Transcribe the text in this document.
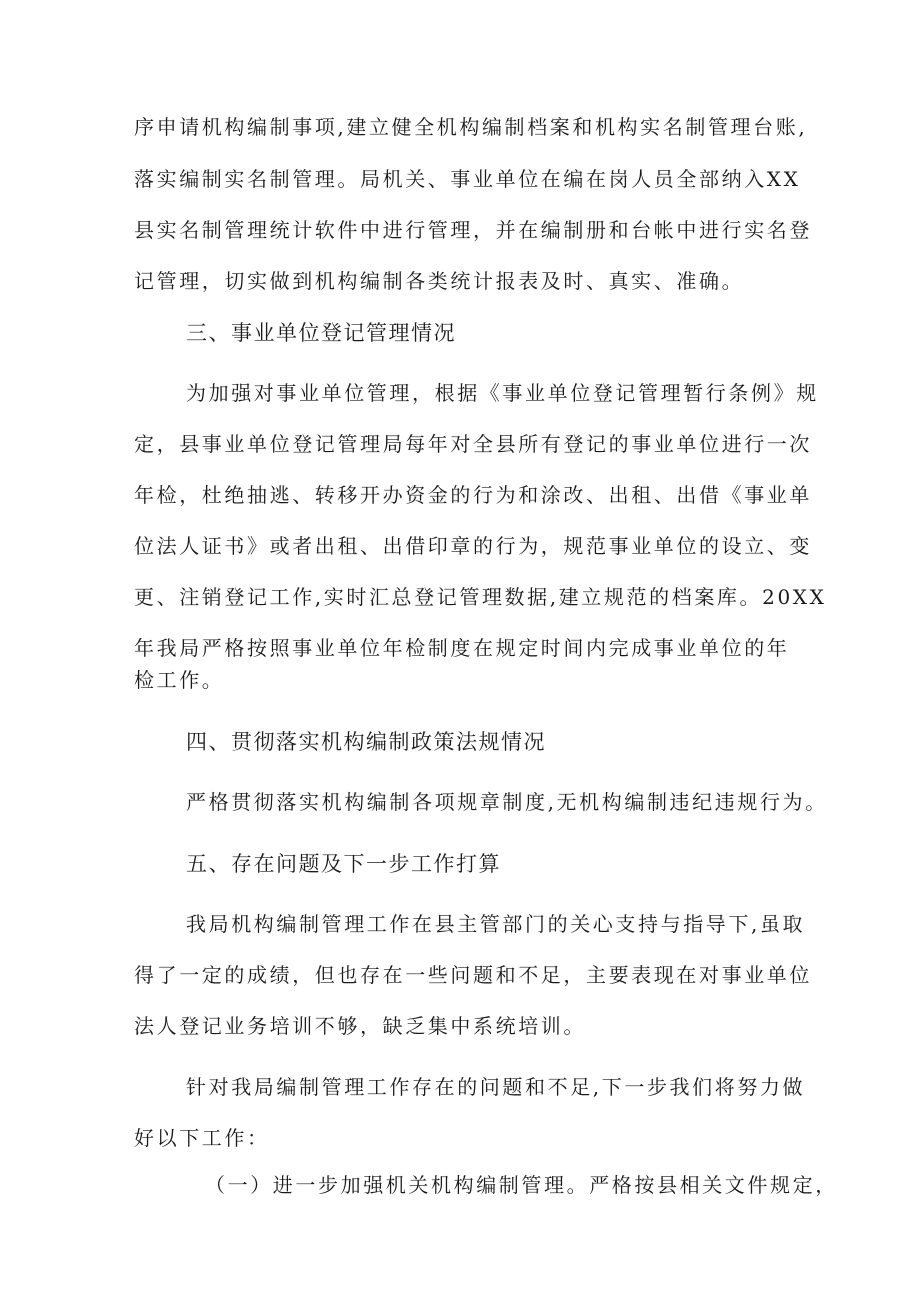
序申请机构编制事项,建立健全机构编制档案和机构实名制管理台账,
落实编制实名制管理。局机关、事业单位在编在岗人员全部纳入XX
县实名制管理统计软件中进行管理，并在编制册和台帐中进行实名登
记管理，切实做到机构编制各类统计报表及时、真实、准确。
三、事业单位登记管理情况
为加强对事业单位管理，根据《事业单位登记管理暂行条例》规
定，县事业单位登记管理局每年对全县所有登记的事业单位进行一次
年检，杜绝抽逃、转移开办资金的行为和涂改、出租、出借《事业单
位法人证书》或者出租、出借印章的行为，规范事业单位的设立、变
更、注销登记工作,实时汇总登记管理数据,建立规范的档案库。20XX
年我局严格按照事业单位年检制度在规定时间内完成事业单位的年
检工作。
四、贯彻落实机构编制政策法规情况
严格贯彻落实机构编制各项规章制度,无机构编制违纪违规行为。
五、存在问题及下一步工作打算
我局机构编制管理工作在县主管部门的关心支持与指导下,虽取
得了一定的成绩，但也存在一些问题和不足，主要表现在对事业单位
法人登记业务培训不够，缺乏集中系统培训。
针对我局编制管理工作存在的问题和不足,下一步我们将努力做
好以下工作：
（一）进一步加强机关机构编制管理。严格按县相关文件规定，
